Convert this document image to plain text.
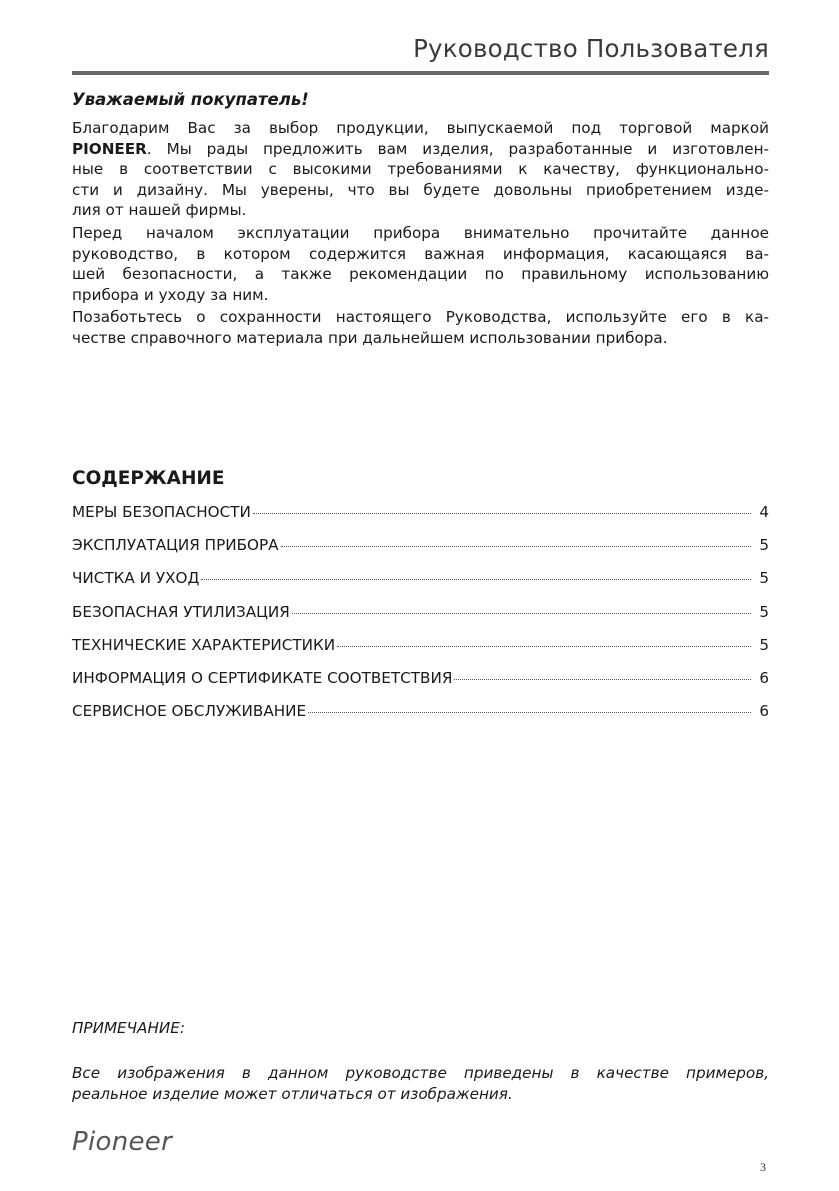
Руководство Пользователя
Уважаемый покупатель!
Благодарим Вас за выбор продукции, выпускаемой под торговой маркой
PIONEER. Мы рады предложить вам изделия, разработанные и изготовлен-
ные в соответствии с высокими требованиями к качеству, функционально-
сти и дизайну. Мы уверены, что вы будете довольны приобретением изде-
лия от нашей фирмы.
Перед началом эксплуатации прибора внимательно прочитайте данное
руководство, в котором содержится важная информация, касающаяся ва-
шей безопасности, а также рекомендации по правильному использованию
прибора и уходу за ним.
Позаботьтесь о сохранности настоящего Руководства, используйте его в ка-
честве справочного материала при дальнейшем использовании прибора.
СОДЕРЖАНИЕ
МЕРЫ БЕЗОПАСНОСТИ	4
ЭКСПЛУАТАЦИЯ ПРИБОРА	5
ЧИСТКА И УХОД	5
БЕЗОПАСНАЯ УТИЛИЗАЦИЯ	5
ТЕХНИЧЕСКИЕ ХАРАКТЕРИСТИКИ	5
ИНФОРМАЦИЯ О СЕРТИФИКАТЕ СООТВЕТСТВИЯ	6
СЕРВИСНОЕ ОБСЛУЖИВАНИЕ	6
ПРИМЕЧАНИЕ:
Все изображения в данном руководстве приведены в качестве примеров,
реальное изделие может отличаться от изображения.
Pioneer
3
